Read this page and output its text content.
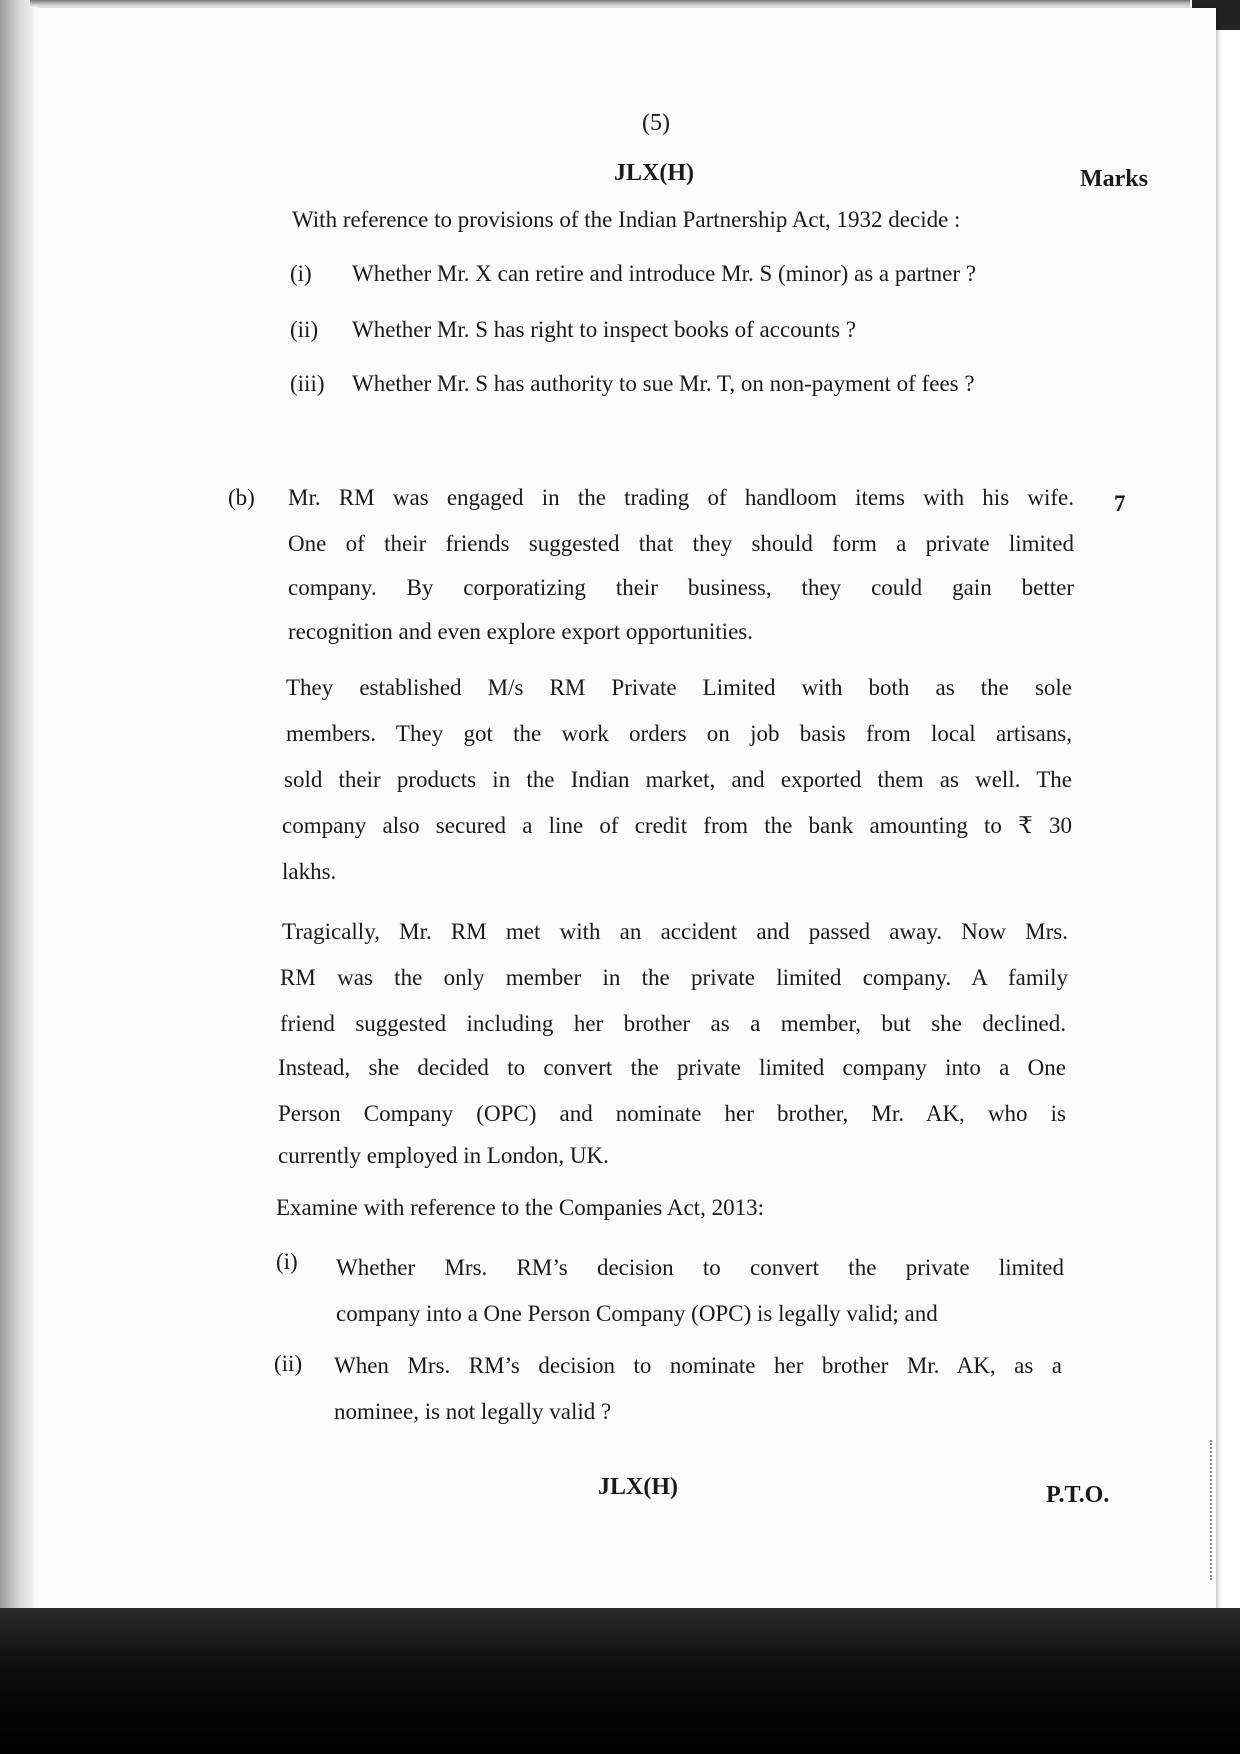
(5)
JLX(H)	Marks
With reference to provisions of the Indian Partnership Act, 1932 decide :
(i) Whether Mr. X can retire and introduce Mr. S (minor) as a partner ?
(ii) Whether Mr. S has right to inspect books of accounts ?
(iii) Whether Mr. S has authority to sue Mr. T, on non-payment of fees ?
(b)	7
Mr. RM was engaged in the trading of handloom items with his wife.
One of their friends suggested that they should form a private limited
company. By corporatizing their business, they could gain better
recognition and even explore export opportunities.
They established M/s RM Private Limited with both as the sole
members. They got the work orders on job basis from local artisans,
sold their products in the Indian market, and exported them as well. The
company also secured a line of credit from the bank amounting to ₹ 30
lakhs.
Tragically, Mr. RM met with an accident and passed away. Now Mrs.
RM was the only member in the private limited company. A family
friend suggested including her brother as a member, but she declined.
Instead, she decided to convert the private limited company into a One
Person Company (OPC) and nominate her brother, Mr. AK, who is
currently employed in London, UK.
Examine with reference to the Companies Act, 2013:
(i) Whether Mrs. RM’s decision to convert the private limited
company into a One Person Company (OPC) is legally valid; and
(ii) When Mrs. RM’s decision to nominate her brother Mr. AK, as a
nominee, is not legally valid ?
JLX(H)	P.T.O.
